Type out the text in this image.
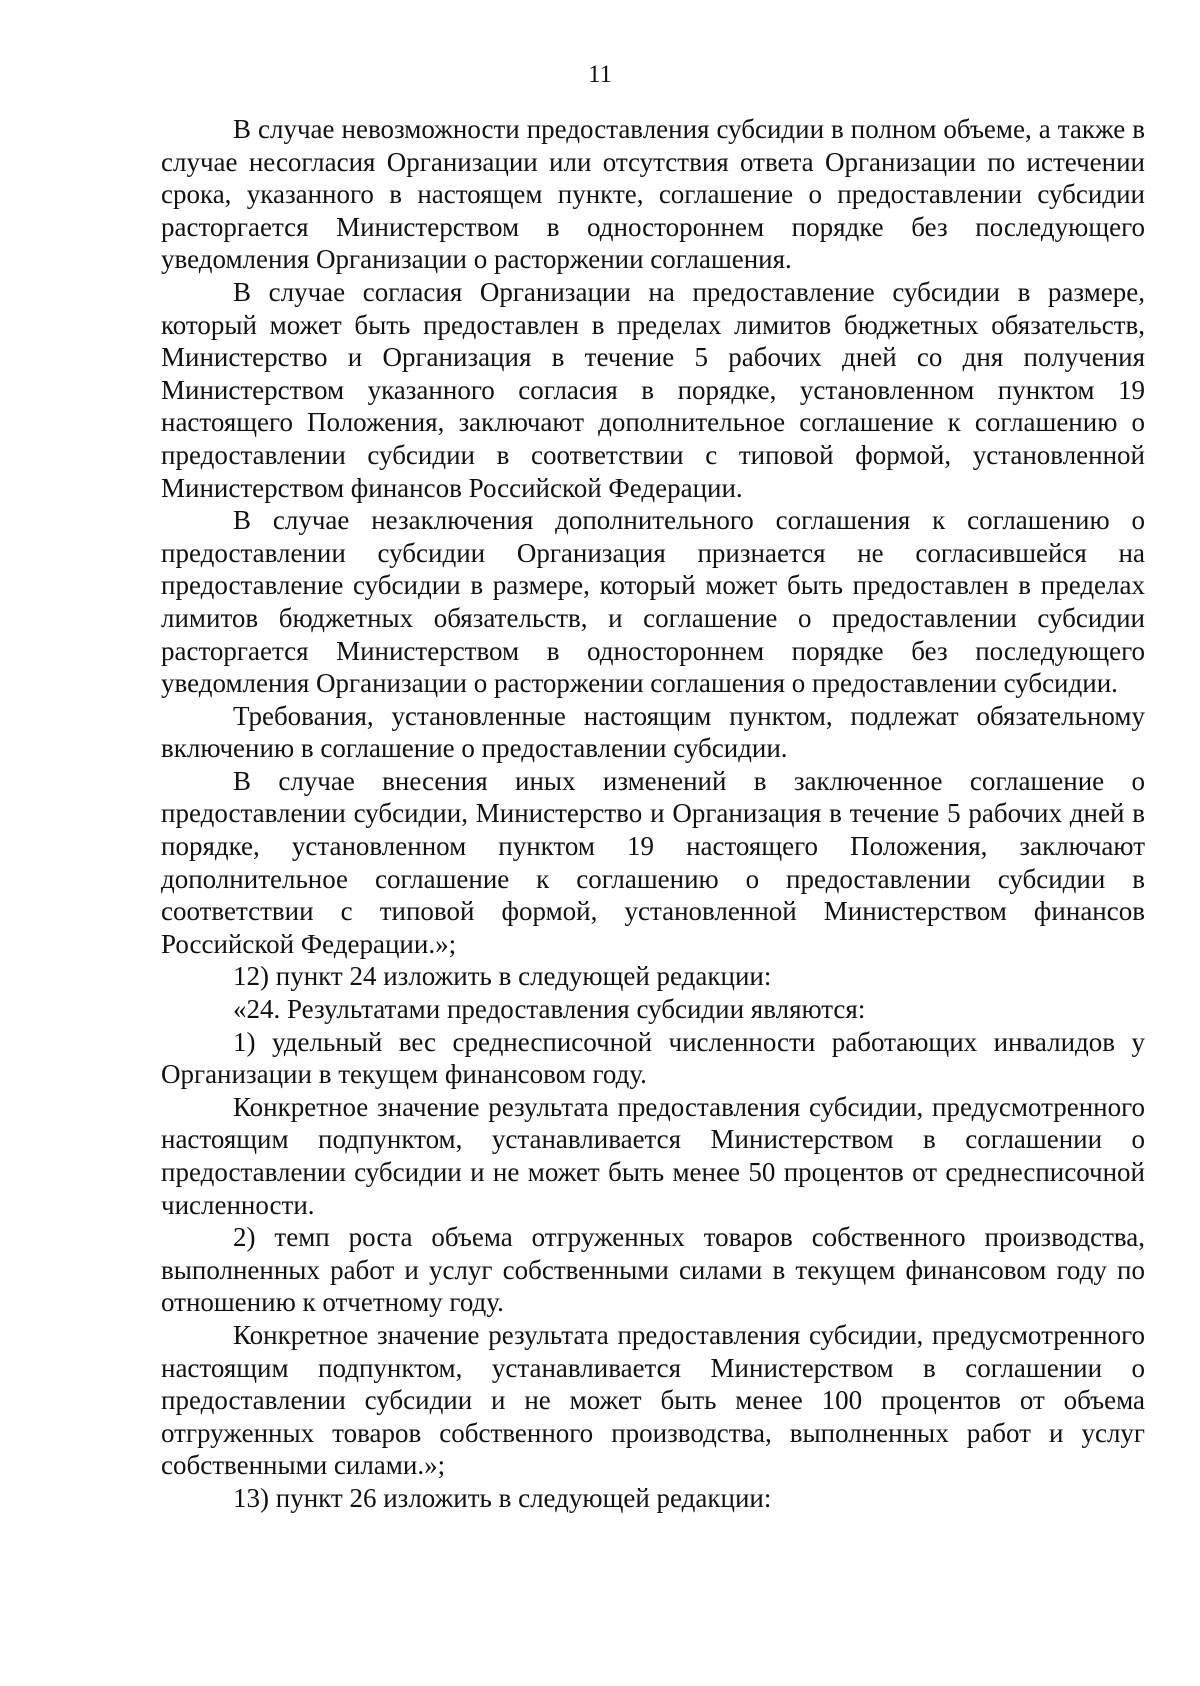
11

В случае невозможности предоставления субсидии в полном объеме, а также в случае несогласия Организации или отсутствия ответа Организации по истечении срока, указанного в настоящем пункте, соглашение о предоставлении субсидии расторгается Министерством в одностороннем порядке без последующего уведомления Организации о расторжении соглашения.

В случае согласия Организации на предоставление субсидии в размере, который может быть предоставлен в пределах лимитов бюджетных обязательств, Министерство и Организация в течение 5 рабочих дней со дня получения Министерством указанного согласия в порядке, установленном пунктом 19 настоящего Положения, заключают дополнительное соглашение к соглашению о предоставлении субсидии в соответствии с типовой формой, установленной Министерством финансов Российской Федерации.

В случае незаключения дополнительного соглашения к соглашению о предоставлении субсидии Организация признается не согласившейся на предоставление субсидии в размере, который может быть предоставлен в пределах лимитов бюджетных обязательств, и соглашение о предоставлении субсидии расторгается Министерством в одностороннем порядке без последующего уведомления Организации о расторжении соглашения о предоставлении субсидии.

Требования, установленные настоящим пунктом, подлежат обязательному включению в соглашение о предоставлении субсидии.

В случае внесения иных изменений в заключенное соглашение о предоставлении субсидии, Министерство и Организация в течение 5 рабочих дней в порядке, установленном пунктом 19 настоящего Положения, заключают дополнительное соглашение к соглашению о предоставлении субсидии в соответствии с типовой формой, установленной Министерством финансов Российской Федерации.»;

12) пункт 24 изложить в следующей редакции:

«24. Результатами предоставления субсидии являются:

1) удельный вес среднесписочной численности работающих инвалидов у Организации в текущем финансовом году.

Конкретное значение результата предоставления субсидии, предусмотренного настоящим подпунктом, устанавливается Министерством в соглашении о предоставлении субсидии и не может быть менее 50 процентов от среднесписочной численности.

2) темп роста объема отгруженных товаров собственного производства, выполненных работ и услуг собственными силами в текущем финансовом году по отношению к отчетному году.

Конкретное значение результата предоставления субсидии, предусмотренного настоящим подпунктом, устанавливается Министерством в соглашении о предоставлении субсидии и не может быть менее 100 процентов от объема отгруженных товаров собственного производства, выполненных работ и услуг собственными силами.»;

13) пункт 26 изложить в следующей редакции:
